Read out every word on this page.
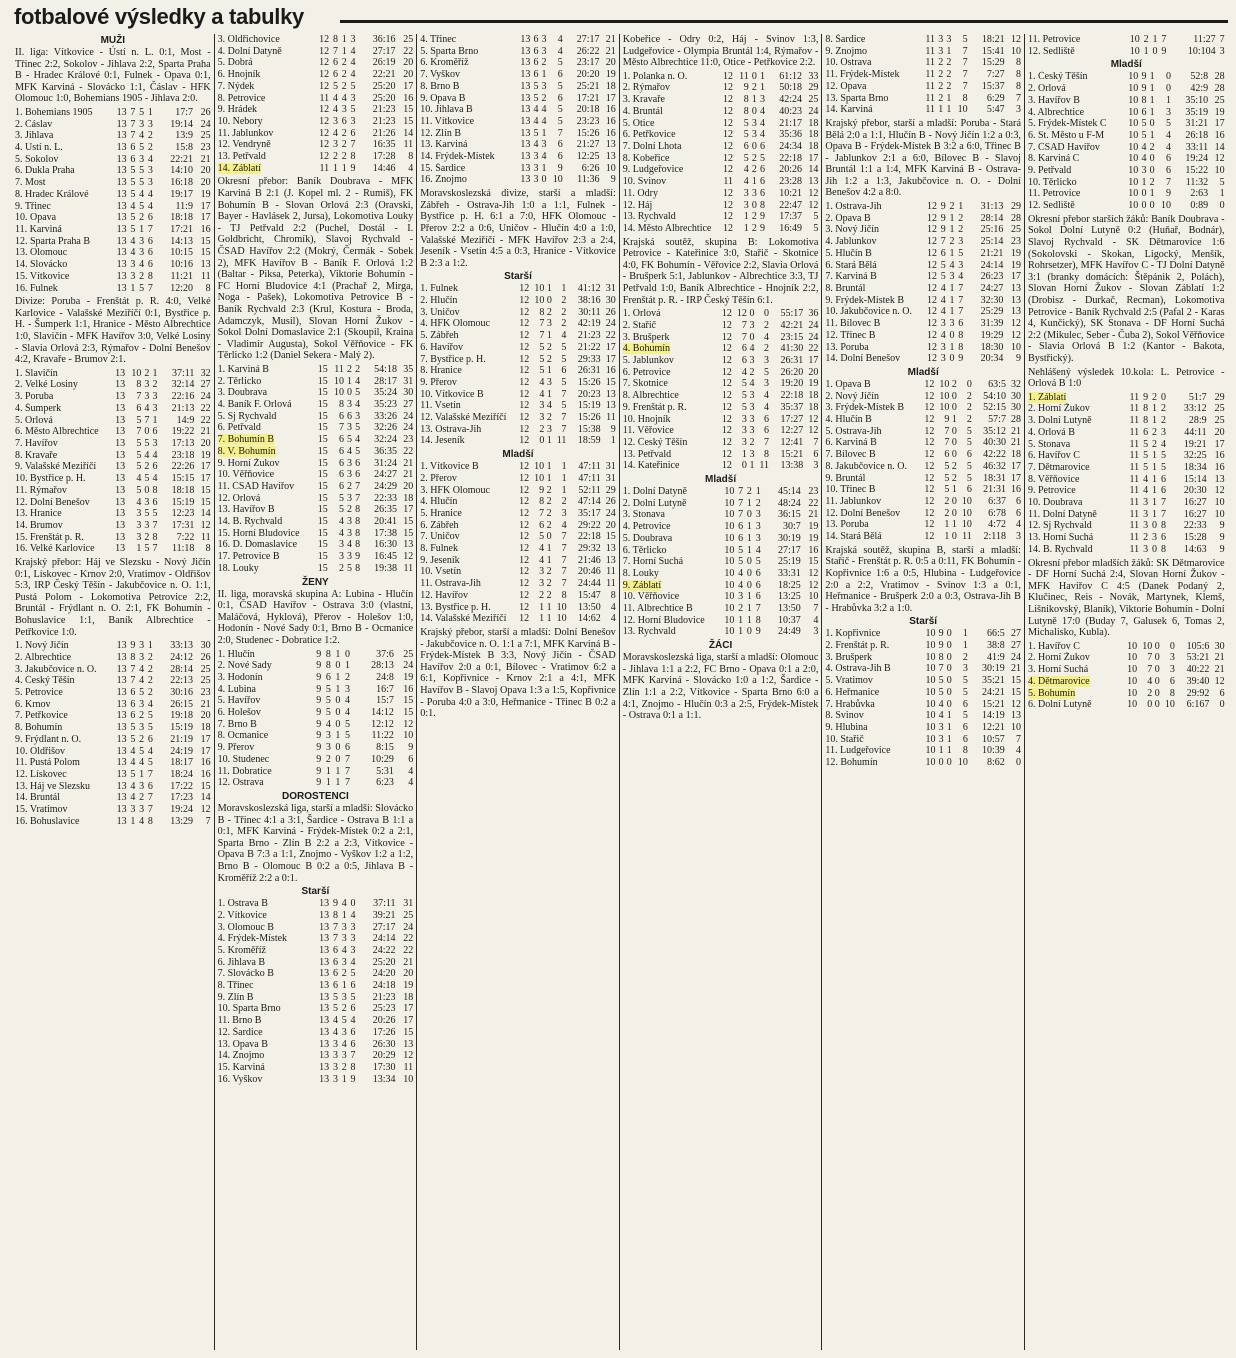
fotbalové výsledky a tabulky
MUŽI
II. liga: Vítkovice - Ústí n. L. 0:1, Most - Třinec 2:2, Sokolov - Jihlava 2:2, Sparta Praha B - Hradec Králové 0:1, Fulnek - Opava 0:1, MFK Karviná - Slovácko 1:1, Čáslav - HFK Olomouc 1:0, Bohemians 1905 - Jihlava 2:0.
1. Bohemians 1905	13	7	5	1	17:7	26
2. Čáslav	13	7	3	3	19:14	24
3. Jihlava	13	7	4	2	13:9	25
4. Ústí n. L.	13	6	5	2	15:8	23
5. Sokolov	13	6	3	4	22:21	21
6. Dukla Praha	13	5	5	3	14:10	20
7. Most	13	5	5	3	16:18	20
8. Hradec Králové	13	5	4	4	19:17	19
9. Třinec	13	4	5	4	11:9	17
10. Opava	13	5	2	6	18:18	17
11. Karviná	13	5	1	7	17:21	16
12. Sparta Praha B	13	4	3	6	14:13	15
13. Olomouc	13	4	3	6	10:15	15
14. Slovácko	13	3	4	6	10:16	13
15. Vítkovice	13	3	2	8	11:21	11
16. Fulnek	13	1	5	7	12:20	8
Divize: Poruba - Frenštát p. R. 4:0, Velké Karlovice - Valašské Meziříčí 0:1, Bystřice p. H. - Šumperk 1:1, Hranice - Město Albrechtice 1:0, Slavičín - MFK Havířov 3:0, Velké Losiny - Slavia Orlová 2:3, Rýmařov - Dolní Benešov 4:2, Kravaře - Brumov 2:1.
1. Slavičín	13	10	2	1	37:11	32
2. Velké Losiny	13	8	3	2	32:14	27
3. Poruba	13	7	3	3	22:16	24
4. Šumperk	13	6	4	3	21:13	22
5. Orlová	13	5	7	1	14:9	22
6. Město Albrechtice	13	7	0	6	19:22	21
7. Havířov	13	5	5	3	17:13	20
8. Kravaře	13	5	4	4	23:18	19
9. Valašské Meziříčí	13	5	2	6	22:26	17
10. Bystřice p. H.	13	4	5	4	15:15	17
11. Rýmařov	13	5	0	8	18:18	15
12. Dolní Benešov	13	4	3	6	15:19	15
13. Hranice	13	3	5	5	12:23	14
14. Brumov	13	3	3	7	17:31	12
15. Frenštát p. R.	13	3	2	8	7:22	11
16. Velké Karlovice	13	1	5	7	11:18	8
Krajský přebor: Háj ve Slezsku - Nový Jičín 0:1, Lískovec - Krnov 2:0, Vratimov - Oldřišov 5:3, IRP Český Těšín - Jakubčovice n. O. 1:1, Pustá Polom - Lokomotiva Petrovice 2:2, Bruntál - Frýdlant n. O. 2:1, FK Bohumín - Bohuslavice 1:1, Baník Albrechtice - Petřkovice 1:0.
1. Nový Jičín	13	9	3	1	33:13	30
2. Albrechtice	13	8	3	2	24:12	26
3. Jakubčovice n. O.	13	7	4	2	28:14	25
4. Český Těšín	13	7	4	2	22:13	25
5. Petrovice	13	6	5	2	30:16	23
6. Krnov	13	6	3	4	26:15	21
7. Petřkovice	13	6	2	5	19:18	20
8. Bohumín	13	5	3	5	15:19	18
9. Frýdlant n. O.	13	5	2	6	21:19	17
10. Oldřišov	13	4	5	4	24:19	17
11. Pustá Polom	13	4	4	5	18:17	16
12. Lískovec	13	5	1	7	18:24	16
13. Háj ve Slezsku	13	4	3	6	17:22	15
14. Bruntál	13	4	2	7	17:23	14
15. Vratimov	13	3	3	7	19:24	12
16. Bohuslavice	13	1	4	8	13:29	7
3. Oldřichovice	12	8	1	3	36:16	25
4. Dolní Datyně	12	7	1	4	27:17	22
5. Dobrá	12	6	2	4	26:19	20
6. Hnojník	12	6	2	4	22:21	20
7. Nýdek	12	5	2	5	25:20	17
8. Petrovice	11	4	4	3	25:20	16
9. Hrádek	12	4	3	5	21:23	15
10. Nebory	12	3	6	3	21:23	15
11. Jablunkov	12	4	2	6	21:26	14
12. Vendryně	12	3	2	7	16:35	11
13. Petřvald	12	2	2	8	17:28	8
14. Záblatí	11	1	1	9	14:46	4
Okresní přebor: Baník Doubrava - MFK Karviná B 2:1 (J. Kopel ml. 2 - Rumiš), FK Bohumín B - Slovan Orlová 2:3 (Oravski, Bayer - Havlásek 2, Jursa), Lokomotiva Louky - TJ Petřvald 2:2 (Puchel, Dostál - I. Goldbricht, Chromík), Slavoj Rychvald - ČSAD Havířov 2:2 (Mokrý, Čermák - Sobek 2), MFK Havířov B - Baník F. Orlová 1:2 (Baltar - Piksa, Peterka), Viktorie Bohumín - FC Horní Bludovice 4:1 (Prachař 2, Mirga, Noga - Pašek), Lokomotiva Petrovice B - Baník Rychvald 2:3 (Krul, Kostura - Broda, Adamczyk, Musil), Slovan Horní Žukov - Sokol Dolní Domaslavice 2:1 (Skoupil, Kraina - Vladimír Augusta), Sokol Věřňovice - FK Těrlicko 1:2 (Daniel Sekera - Malý 2).
1. Karviná B	15	11	2	2	54:18	35
2. Těrlicko	15	10	1	4	28:17	31
3. Doubrava	15	10	0	5	35:24	30
4. Baník F. Orlová	15	8	3	4	35:23	27
5. Sj Rychvald	15	6	6	3	33:26	24
6. Petřvald	15	7	3	5	32:26	24
7. Bohumín B	15	6	5	4	32:24	23
8. V. Bohumín	15	6	4	5	36:35	22
9. Horní Žukov	15	6	3	6	31:24	21
10. Věřňovice	15	6	3	6	24:27	21
11. ČSAD Havířov	15	6	2	7	24:29	20
12. Orlová	15	5	3	7	22:33	18
13. Havířov B	15	5	2	8	26:35	17
14. B. Rychvald	15	4	3	8	20:41	15
15. Horní Bludovice	15	4	3	8	17:38	15
16. D. Domaslavice	15	3	4	8	16:30	13
17. Petrovice B	15	3	3	9	16:45	12
18. Louky	15	2	5	8	19:38	11
ŽENY
II. liga, moravská skupina A: Lubina - Hlučín 0:1, ČSAD Havířov - Ostrava 3:0 (vlastní, Maláčová, Hyklová), Přerov - Holešov 1:0, Hodonín - Nové Sady 0:1, Brno B - Ocmanice 2:0, Studenec - Dobratice 1:2.
1. Hlučín	9	8	1	0	37:6	25
2. Nové Sady	9	8	0	1	28:13	24
3. Hodonín	9	6	1	2	24:8	19
4. Lubina	9	5	1	3	16:7	16
5. Havířov	9	5	0	4	15:7	15
6. Holešov	9	5	0	4	14:12	15
7. Brno B	9	4	0	5	12:12	12
8. Ocmanice	9	3	1	5	11:22	10
9. Přerov	9	3	0	6	8:15	9
10. Studenec	9	2	0	7	10:29	6
11. Dobratice	9	1	1	7	5:31	4
12. Ostrava	9	1	1	7	6:23	4
DOROSTENCI
Moravskoslezská liga, starší a mladší: Slovácko B - Třinec 4:1 a 3:1, Šardice - Ostrava B 1:1 a 0:1, MFK Karviná - Frýdek-Místek 0:2 a 2:1, Sparta Brno - Zlín B 2:2 a 2:3, Vítkovice - Opava B 7:3 a 1:1, Znojmo - Vyškov 1:2 a 1:2, Brno B - Olomouc B 0:2 a 0:5, Jihlava B - Kroměříž 2:2 a 0:1.
Starší
1. Ostrava B	13	9	4	0	37:11	31
2. Vítkovice	13	8	1	4	39:21	25
3. Olomouc B	13	7	3	3	27:17	24
4. Frýdek-Místek	13	7	3	3	24:14	22
5. Kroměříž	13	6	4	3	24:22	22
6. Jihlava B	13	6	3	4	25:20	21
7. Slovácko B	13	6	2	5	24:20	20
8. Třinec	13	6	1	6	24:18	19
9. Zlín B	13	5	3	5	21:23	18
10. Sparta Brno	13	5	2	6	25:23	17
11. Brno B	13	4	5	4	20:26	17
12. Šardice	13	4	3	6	17:26	15
13. Opava B	13	3	4	6	26:30	13
14. Znojmo	13	3	3	7	20:29	12
15. Karviná	13	3	2	8	17:30	11
16. Vyškov	13	3	1	9	13:34	10
4. Třinec	13	6	3	4	27:17	21
5. Sparta Brno	13	6	3	4	26:22	21
6. Kroměříž	13	6	2	5	23:17	20
7. Vyškov	13	6	1	6	20:20	19
8. Brno B	13	5	3	5	25:21	18
9. Opava B	13	5	2	6	17:21	17
10. Jihlava B	13	4	4	5	20:18	16
11. Vítkovice	13	4	4	5	23:23	16
12. Zlín B	13	5	1	7	15:26	16
13. Karviná	13	4	3	6	21:27	13
14. Frýdek-Místek	13	3	4	6	12:25	13
15. Šardice	13	3	1	9	6:26	10
16. Znojmo	13	3	0	10	11:36	9
Moravskoslezská divize, starší a mladší: Zábřeh - Ostrava-Jih 1:0 a 1:1, Fulnek - Bystřice p. H. 6:1 a 7:0, HFK Olomouc - Přerov 2:2 a 0:6, Uničov - Hlučín 4:0 a 1:0, Valašské Meziříčí - MFK Havířov 2:3 a 2:4, Jeseník - Vsetín 4:5 a 0:3, Hranice - Vítkovice B 2:3 a 1:2.
Starší
1. Fulnek	12	10	1	1	41:12	31
2. Hlučín	12	10	0	2	38:16	30
3. Uničov	12	8	2	2	30:11	26
4. HFK Olomouc	12	7	3	2	42:19	24
5. Zábřeh	12	7	1	4	21:23	22
6. Havířov	12	5	2	5	21:22	17
7. Bystřice p. H.	12	5	2	5	29:33	17
8. Hranice	12	5	1	6	26:31	16
9. Přerov	12	4	3	5	15:26	15
10. Vítkovice B	12	4	1	7	20:23	13
11. Vsetín	12	3	4	5	15:19	13
12. Valašské Meziříčí	12	3	2	7	15:26	11
13. Ostrava-Jih	12	2	3	7	15:38	9
14. Jeseník	12	0	1	11	18:59	1
Mladší
1. Vítkovice B	12	10	1	1	47:11	31
2. Přerov	12	10	1	1	47:11	31
3. HFK Olomouc	12	9	2	1	52:11	29
4. Hlučín	12	8	2	2	47:14	26
5. Hranice	12	7	2	3	35:17	24
6. Zábřeh	12	6	2	4	29:22	20
7. Uničov	12	5	0	7	22:18	15
8. Fulnek	12	4	1	7	29:32	13
9. Jeseník	12	4	1	7	21:46	13
10. Vsetín	12	3	2	7	20:46	11
11. Ostrava-Jih	12	3	2	7	24:44	11
12. Havířov	12	2	2	8	15:47	8
13. Bystřice p. H.	12	1	1	10	13:50	4
14. Valašské Meziříčí	12	1	1	10	14:62	4
Krajský přebor, starší a mladší: Dolní Benešov - Jakubčovice n. O. 1:1 a 7:1, MFK Karviná B - Frýdek-Místek B 3:3, Nový Jičín - ČSAD Havířov 2:0 a 0:1, Bílovec - Vratimov 6:2 a 6:1, Kopřivnice - Krnov 2:1 a 4:1, MFK Havířov B - Slavoj Opava 1:3 a 1:5, Kopřivnice - Poruba 4:0 a 3:0, Heřmanice - Třinec B 0:2 a 0:1.
Kobeřice - Odry 0:2, Háj - Svinov 1:3, Ludgeřovice - Olympia Bruntál 1:4, Rýmařov - Město Albrechtice 11:0, Otice - Petřkovice 2:2.
1. Polanka n. O.	12	11	0	1	61:12	33
2. Rýmařov	12	9	2	1	50:18	29
3. Kravaře	12	8	1	3	42:24	25
4. Bruntál	12	8	0	4	40:23	24
5. Otice	12	5	3	4	21:17	18
6. Petřkovice	12	5	3	4	35:36	18
7. Dolní Lhota	12	6	0	6	24:34	18
8. Kobeřice	12	5	2	5	22:18	17
9. Ludgeřovice	12	4	2	6	20:26	14
10. Svinov	11	4	1	6	23:28	13
11. Odry	12	3	3	6	10:21	12
12. Háj	12	3	0	8	22:47	12
13. Rychvald	12	1	2	9	17:37	5
14. Město Albrechtice	12	1	2	9	16:49	5
Krajská soutěž, skupina B: Lokomotiva Petrovice - Kateřinice 3:0, Stařič - Skotnice 4:0, FK Bohumín - Věřovice 2:2, Slavia Orlová - Brušperk 5:1, Jablunkov - Albrechtice 3:3, TJ Petřvald 1:0, Baník Albrechtice - Hnojník 2:2, Frenštát p. R. - IRP Český Těšín 6:1.
1. Orlová	12	12	0	0	55:17	36
2. Stařič	12	7	3	2	42:21	24
3. Brušperk	12	7	0	4	23:15	24
4. Bohumín	12	6	4	2	41:30	22
5. Jablunkov	12	6	3	3	26:31	17
6. Petrovice	12	4	2	5	26:20	20
7. Skotnice	12	5	4	3	19:20	19
8. Albrechtice	12	5	3	4	22:18	18
9. Frenštát p. R.	12	5	3	4	35:37	18
10. Hnojník	12	3	3	6	17:27	12
11. Věřovice	12	3	3	6	12:27	12
12. Český Těšín	12	3	2	7	12:41	7
13. Petřvald	12	1	3	8	15:21	6
14. Kateřinice	12	0	1	11	13:38	3
Mladší
1. Dolní Datyně	10	7	2	1	45:14	23
2. Dolní Lutyně	10	7	1	2	48:24	22
3. Stonava	10	7	0	3	36:15	21
4. Petrovice	10	6	1	3	30:7	19
5. Doubrava	10	6	1	3	30:19	19
6. Těrlicko	10	5	1	4	27:17	16
7. Horní Suchá	10	5	0	5	25:19	15
8. Louky	10	4	0	6	33:31	12
9. Záblatí	10	4	0	6	18:25	12
10. Věřňovice	10	3	1	6	13:25	10
11. Albrechtice B	10	2	1	7	13:50	7
12. Horní Bludovice	10	1	1	8	10:37	4
13. Rychvald	10	1	0	9	24:49	3
ŽÁCI
Moravskoslezská liga, starší a mladší: Olomouc - Jihlava 1:1 a 2:2, FC Brno - Opava 0:1 a 2:0, MFK Karviná - Slovácko 1:0 a 1:2, Šardice - Zlín 1:1 a 2:2, Vítkovice - Sparta Brno 6:0 a 4:1, Znojmo - Hlučín 0:3 a 2:5, Frýdek-Místek - Ostrava 0:1 a 1:1.
8. Šardice	11	3	3	5	18:21	12
9. Znojmo	11	3	1	7	15:41	10
10. Ostrava	11	2	2	7	15:29	8
11. Frýdek-Místek	11	2	2	7	7:27	8
12. Opava	11	2	2	7	15:37	8
13. Sparta Brno	11	2	1	8	6:29	7
14. Karviná	11	1	1	10	5:47	3
Krajský přebor, starší a mladší: Poruba - Stará Bělá 2:0 a 1:1, Hlučín B - Nový Jičín 1:2 a 0:3, Opava B - Frýdek-Místek B 3:2 a 6:0, Třinec B - Jablunkov 2:1 a 6:0, Bílovec B - Slavoj Bruntál 1:1 a 1:4, MFK Karviná B - Ostrava-Jih 1:2 a 1:3, Jakubčovice n. O. - Dolní Benešov 4:2 a 8:0.
1. Ostrava-Jih	12	9	2	1	31:13	29
2. Opava B	12	9	1	2	28:14	28
3. Nový Jičín	12	9	1	2	25:16	25
4. Jablunkov	12	7	2	3	25:14	23
5. Hlučín B	12	6	1	5	21:21	19
6. Stará Bělá	12	5	4	3	24:14	19
7. Karviná B	12	5	3	4	26:23	17
8. Bruntál	12	4	1	7	24:27	13
9. Frýdek-Místek B	12	4	1	7	32:30	13
10. Jakubčovice n. O.	12	4	1	7	25:29	13
11. Bílovec B	12	3	3	6	31:39	12
12. Třinec B	12	4	0	8	19:29	12
13. Poruba	12	3	1	8	18:30	10
14. Dolní Benešov	12	3	0	9	20:34	9
Mladší
1. Opava B	12	10	2	0	63:5	32
2. Nový Jičín	12	10	0	2	54:10	30
3. Frýdek-Místek B	12	10	0	2	52:15	30
4. Hlučín B	12	9	1	2	57:7	28
5. Ostrava-Jih	12	7	0	5	35:12	21
6. Karviná B	12	7	0	5	40:30	21
7. Bílovec B	12	6	0	6	42:22	18
8. Jakubčovice n. O.	12	5	2	5	46:32	17
9. Bruntál	12	5	2	5	18:31	17
10. Třinec B	12	5	1	6	21:31	16
11. Jablunkov	12	2	0	10	6:37	6
12. Dolní Benešov	12	2	0	10	6:78	6
13. Poruba	12	1	1	10	4:72	4
14. Stará Bělá	12	1	0	11	2:118	3
Krajská soutěž, skupina B, starší a mladší: Stařič - Frenštát p. R. 0:5 a 0:11, FK Bohumín - Kopřivnice 1:6 a 0:5, Hlubina - Ludgeřovice 2:0 a 2:2, Vratimov - Svinov 1:3 a 0:1, Heřmanice - Brušperk 2:0 a 0:3, Ostrava-Jih B - Hrabůvka 3:2 a 1:0.
Starší
1. Kopřivnice	10	9	0	1	66:5	27
2. Frenštát p. R.	10	9	0	1	38:8	27
3. Brušperk	10	8	0	2	41:9	24
4. Ostrava-Jih B	10	7	0	3	30:19	21
5. Vratimov	10	5	0	5	35:21	15
6. Heřmanice	10	5	0	5	24:21	15
7. Hrabůvka	10	4	0	6	15:21	12
8. Svinov	10	4	1	5	14:19	13
9. Hlubina	10	3	1	6	12:21	10
10. Stařič	10	3	1	6	10:57	7
11. Ludgeřovice	10	1	1	8	10:39	4
12. Bohumín	10	0	0	10	8:62	0
11. Petrovice	10	2	1	7	11:27	7
12. Sedliště	10	1	0	9	10:104	3
Mladší
1. Český Těšín	10	9	1	0	52:8	28
2. Orlová	10	9	1	0	42:9	28
3. Havířov B	10	8	1	1	35:10	25
4. Albrechtice	10	6	1	3	35:19	19
5. Frýdek-Místek C	10	5	0	5	31:21	17
6. St. Město u F-M	10	5	1	4	26:18	16
7. ČSAD Havířov	10	4	2	4	33:11	14
8. Karviná C	10	4	0	6	19:24	12
9. Petřvald	10	3	0	6	15:22	10
10. Těrlicko	10	1	2	7	11:32	5
11. Petrovice	10	0	1	9	2:63	1
12. Sedliště	10	0	0	10	0:89	0
Okresní přebor starších žáků: Baník Doubrava - Sokol Dolní Lutyně 0:2 (Huňař, Bodnár), Slavoj Rychvald - SK Dětmarovice 1:6 (Sokolovski - Skokan, Ligocký, Menšík, Rohrsetzer), MFK Havířov C - TJ Dolní Datyně 3:1 (branky domácích: Štěpánik 2, Polách), Slovan Horní Žukov - Slovan Záblatí 1:2 (Drobisz - Durkač, Recman), Lokomotiva Petrovice - Baník Rychvald 2:5 (Pafal 2 - Karas 4, Kunčický), SK Stonava - DF Horní Suchá 2:2 (Mikulec, Seber - Čuba 2), Sokol Věřňovice - Slavia Orlová B 1:2 (Kantor - Bakota, Bystřický).
Nehlášený výsledek 10.kola: L. Petrovice - Orlová B 1:0
1. Záblatí	11	9	2	0	51:7	29
2. Horní Žukov	11	8	1	2	33:12	25
3. Dolní Lutyně	11	8	1	2	28:9	25
4. Orlová B	11	6	2	3	44:11	20
5. Stonava	11	5	2	4	19:21	17
6. Havířov C	11	5	1	5	32:25	16
7. Dětmarovice	11	5	1	5	18:34	16
8. Věřňovice	11	4	1	6	15:14	13
9. Petrovice	11	4	1	6	20:30	12
10. Doubrava	11	3	1	7	16:27	10
11. Dolní Datyně	11	3	1	7	16:27	10
12. Sj Rychvald	11	3	0	8	22:33	9
13. Horní Suchá	11	2	3	6	15:28	9
14. B. Rychvald	11	3	0	8	14:63	9
Okresní přebor mladších žáků: SK Dětmarovice - DF Horní Suchá 2:4, Slovan Horní Žukov - MFK Havířov C 4:5 (Danek Podaný 2, Klučinec, Reis - Novák, Martynek, Klemš, Lišnikovský, Blaník), Viktorie Bohumín - Dolní Lutyně 17:0 (Buday 7, Galusek 6, Tomas 2, Michalisko, Kubla).
1. Havířov C	10	10	0	0	105:6	30
2. Horní Žukov	10	7	0	3	53:21	21
3. Horní Suchá	10	7	0	3	40:22	21
4. Dětmarovice	10	4	0	6	39:40	12
5. Bohumín	10	2	0	8	29:92	6
6. Dolní Lutyně	10	0	0	10	6:167	0
